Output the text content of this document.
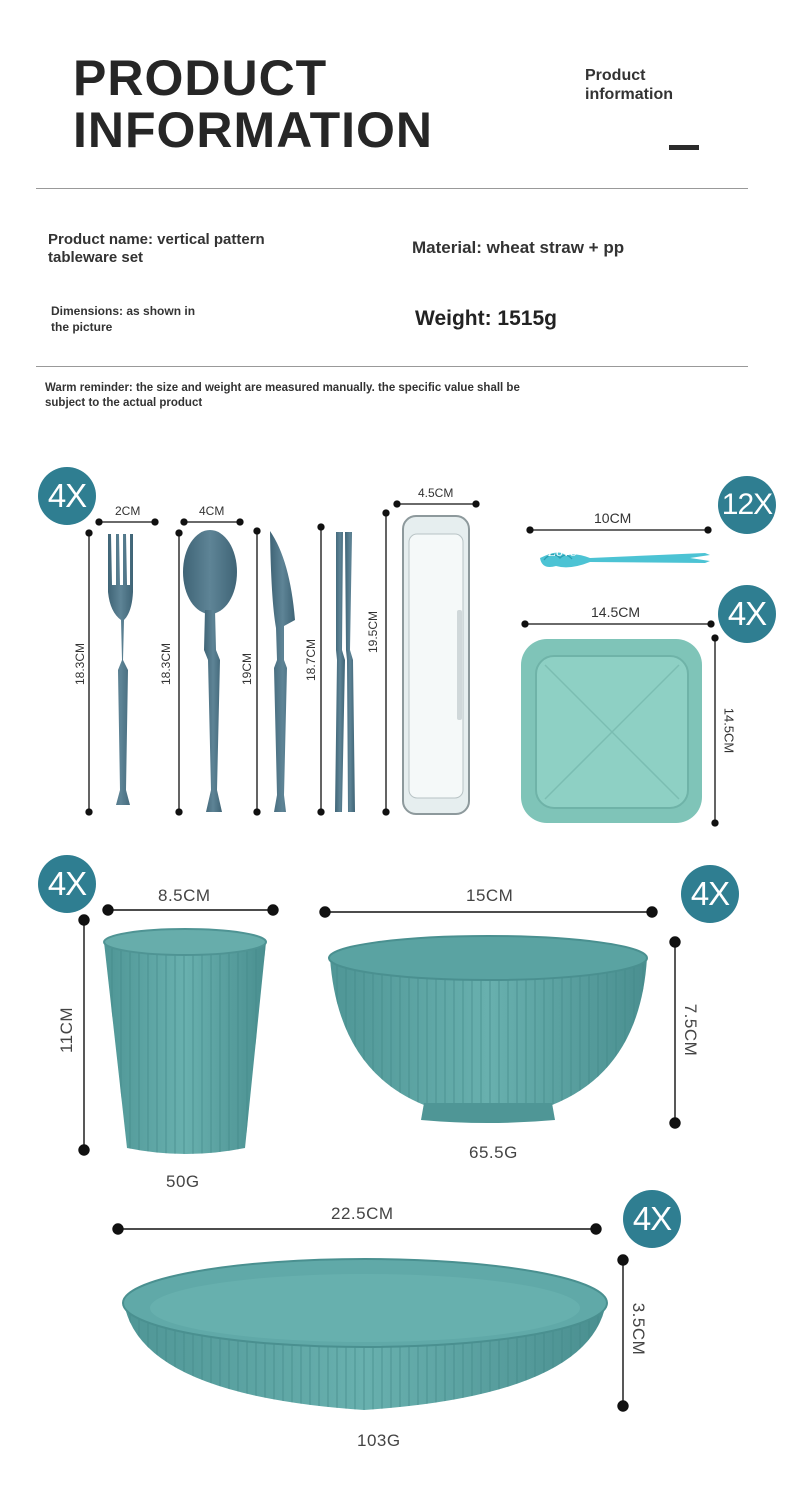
PRODUCT
INFORMATION
Product
information
Product name: vertical pattern
tableware set
Material: wheat straw + pp
Dimensions: as shown in
the picture	Weight: 1515g
Warm reminder: the size and weight are measured manually. the specific value shall be
subject to the actual product
4X	12X
4X
4X	4X
4X
2CM	4CM
4.5CM
18.3CM	18.3CM	19CM	18.7CM
19.5CM
10CM
Love
14.5CM
14.5CM
8.5CM
11CM
50G
15CM
7.5CM
65.5G
22.5CM
3.5CM
103G
